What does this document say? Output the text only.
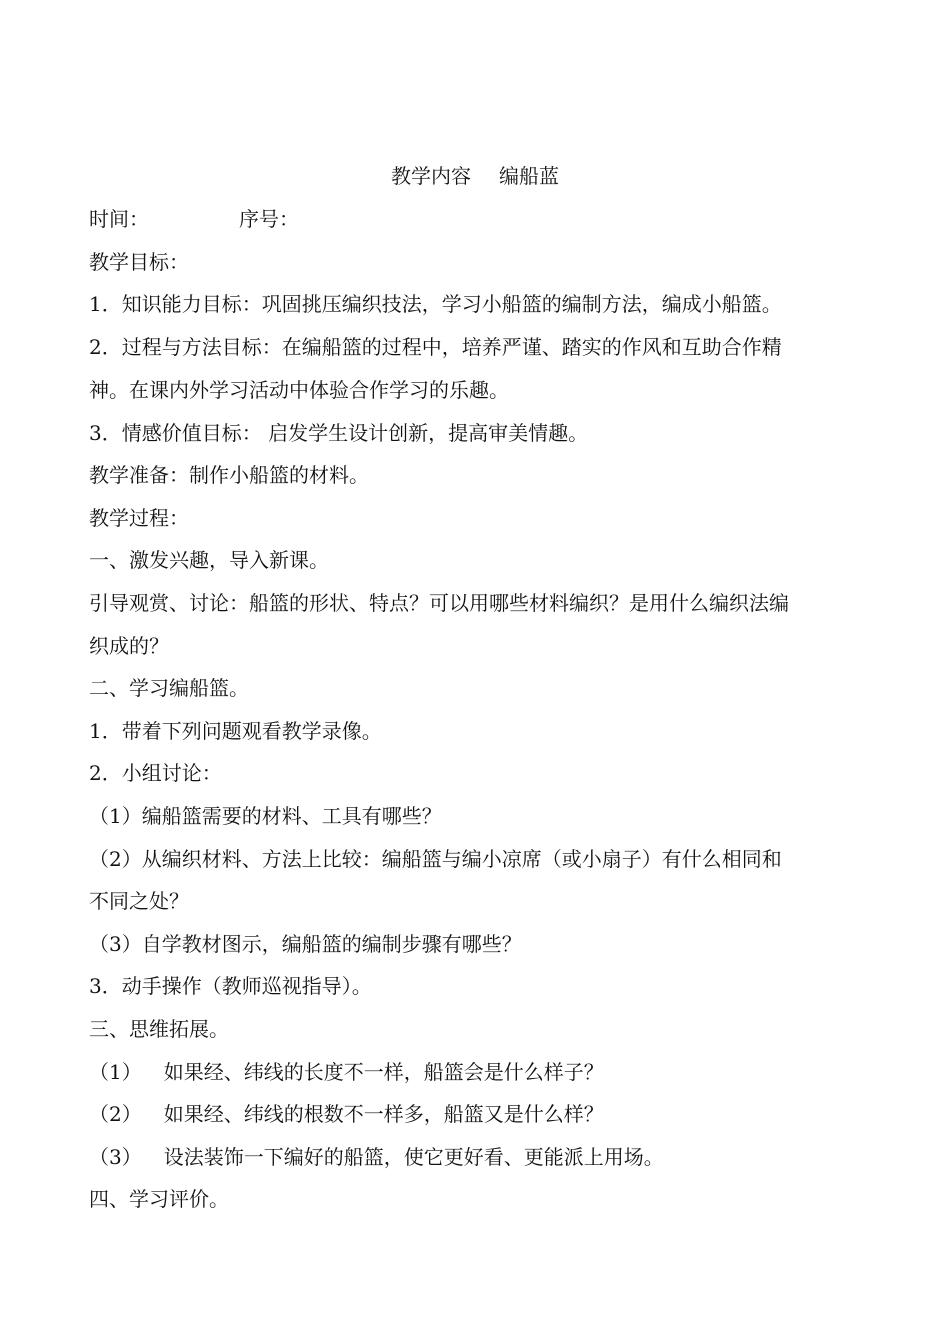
教学内容 编船蓝
时间：	序号：
教学目标：
1．知识能力目标：巩固挑压编织技法，学习小船篮的编制方法，编成小船篮。
2．过程与方法目标：在编船篮的过程中，培养严谨、踏实的作风和互助合作精
神。在课内外学习活动中体验合作学习的乐趣。
3．情感价值目标： 启发学生设计创新，提高审美情趣。
教学准备：制作小船篮的材料。
教学过程：
一、激发兴趣，导入新课。
引导观赏、讨论：船篮的形状、特点？可以用哪些材料编织？是用什么编织法编
织成的？
二、学习编船篮。
1．带着下列问题观看教学录像。
2．小组讨论：
（1）编船篮需要的材料、工具有哪些？
（2）从编织材料、方法上比较：编船篮与编小凉席（或小扇子）有什么相同和
不同之处？
（3）自学教材图示，编船篮的编制步骤有哪些？
3．动手操作（教师巡视指导）。
三、思维拓展。
（1） 如果经、纬线的长度不一样，船篮会是什么样子？
（2） 如果经、纬线的根数不一样多，船篮又是什么样？
（3） 设法装饰一下编好的船篮，使它更好看、更能派上用场。
四、学习评价。
